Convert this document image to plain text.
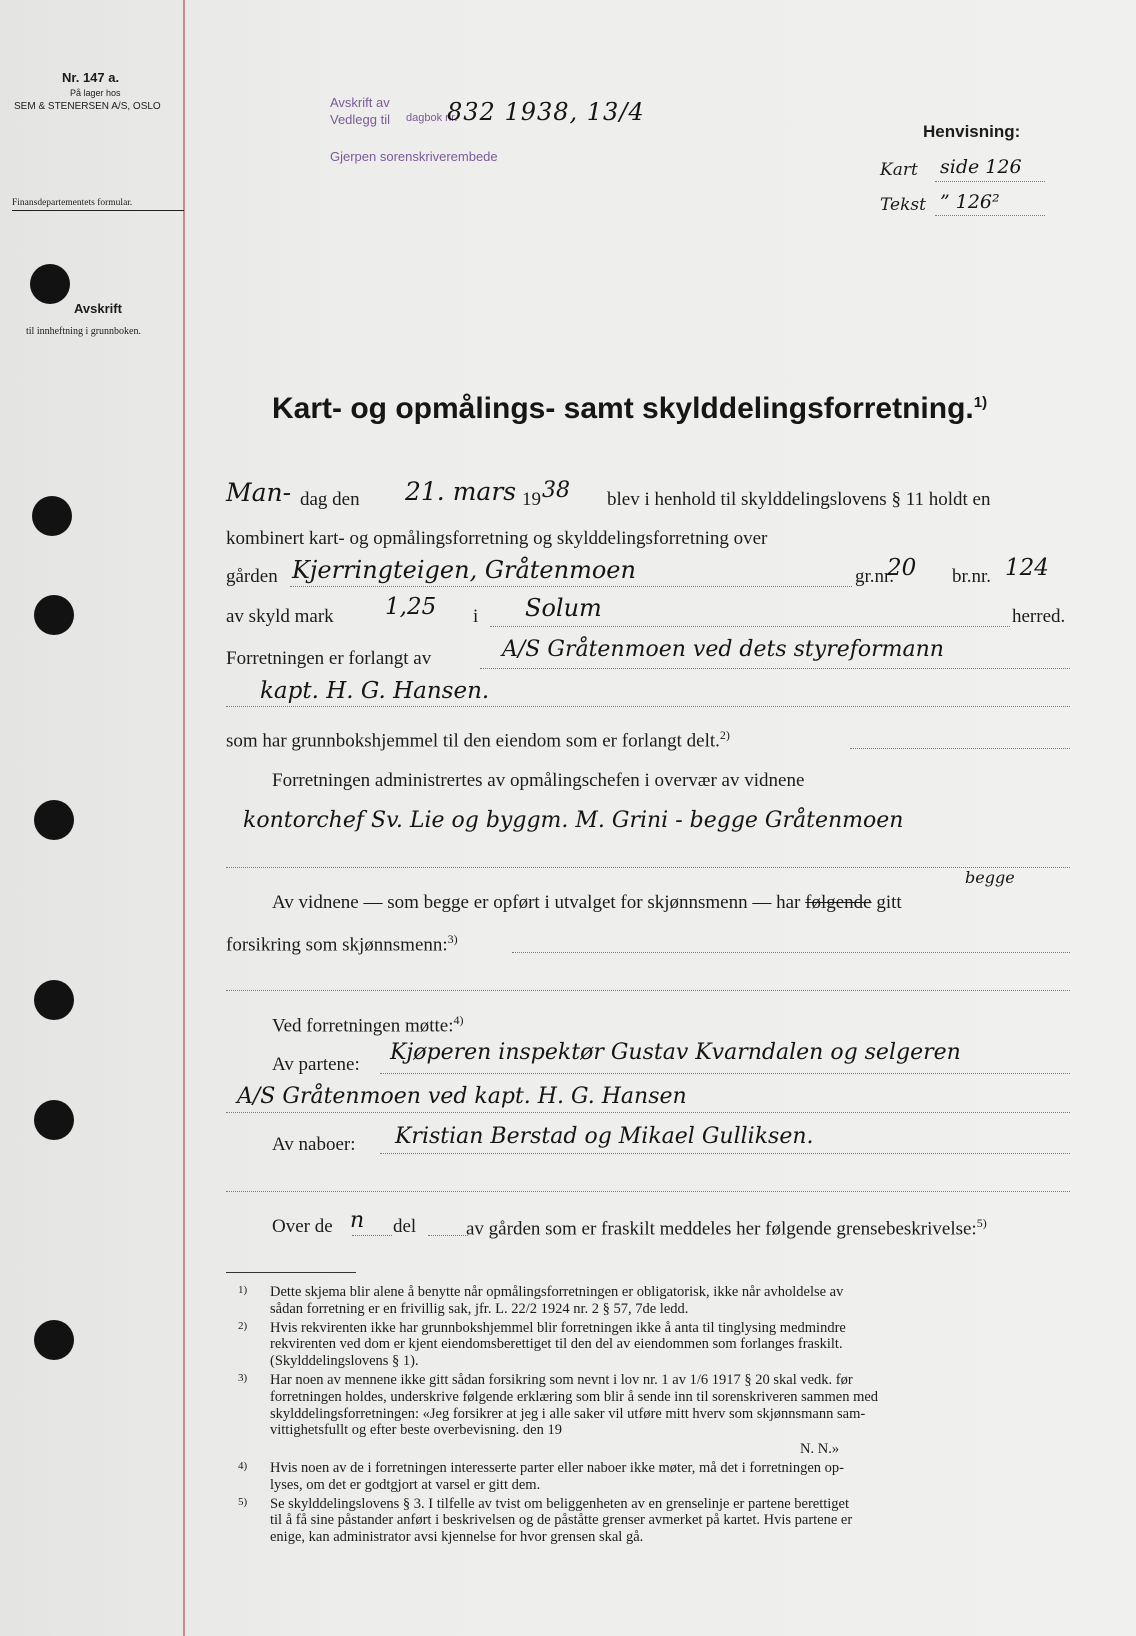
Nr. 147 a.
På lager hos
SEM & STENERSEN A/S, OSLO
Finansdepartementets formular.
Avskrift
til innheftning i grunnboken.
Avskrift av
Vedlegg til dagbok nr.
Gjerpen sorenskriverembede
832 1938, 13/4
Henvisning:
Kart side 126
Tekst ” 126²
Kart- og opmålings- samt skylddelingsforretning.$^{1)}$
Man- dag den 21. mars 19 38 blev i henhold til skylddelingslovens § 11 holdt en
kombinert kart- og opmålingsforretning og skylddelingsforretning over
gården Kjerringteigen, Gråtenmoen	gr.nr.
20 br.nr. 124
av skyld mark 1,25 i Solum	herred.
Forretningen er forlangt av	A/S Gråtenmoen ved dets styreformann
kapt. H. G. Hansen.
som har grunnbokshjemmel til den eiendom som er forlangt delt.$^{2)}$
Forretningen administrertes av opmålingschefen i overvær av vidnene
kontorchef Sv. Lie og byggm. M. Grini - begge Gråtenmoen
begge
Av vidnene — som begge er opført i utvalget for skjønnsmenn — har følgende gitt
forsikring som skjønnsmenn:$^{3)}$
Ved forretningen møtte:$^{4)}$
Av partene: Kjøperen inspektør Gustav Kvarndalen og selgeren
A/S Gråtenmoen ved kapt. H. G. Hansen
Av naboer: Kristian Berstad og Mikael Gulliksen.
Over de n del	av gården som er fraskilt meddeles her følgende grensebeskrivelse:$^{5)}$
1) Dette skjema blir alene å benytte når opmålingsforretningen er obligatorisk, ikke når avholdelse av
sådan forretning er en frivillig sak, jfr. L. 22/2 1924 nr. 2 § 57, 7de ledd.
2) Hvis rekvirenten ikke har grunnbokshjemmel blir forretningen ikke å anta til tinglysing medmindre
rekvirenten ved dom er kjent eiendomsberettiget til den del av eiendommen som forlanges fraskilt.
(Skylddelingslovens § 1).
3) Har noen av mennene ikke gitt sådan forsikring som nevnt i lov nr. 1 av 1/6 1917 § 20 skal vedk. før
forretningen holdes, underskrive følgende erklæring som blir å sende inn til sorenskriveren sammen med
skylddelingsforretningen: «Jeg forsikrer at jeg i alle saker vil utføre mitt hverv som skjønnsmann sam-
vittighetsfullt og efter beste overbevisning. den 19
N. N.»
4) Hvis noen av de i forretningen interesserte parter eller naboer ikke møter, må det i forretningen op-
lyses, om det er godtgjort at varsel er gitt dem.
5) Se skylddelingslovens § 3. I tilfelle av tvist om beliggenheten av en grenselinje er partene berettiget
til å få sine påstander anført i beskrivelsen og de påståtte grenser avmerket på kartet. Hvis partene er
enige, kan administrator avsi kjennelse for hvor grensen skal gå.
